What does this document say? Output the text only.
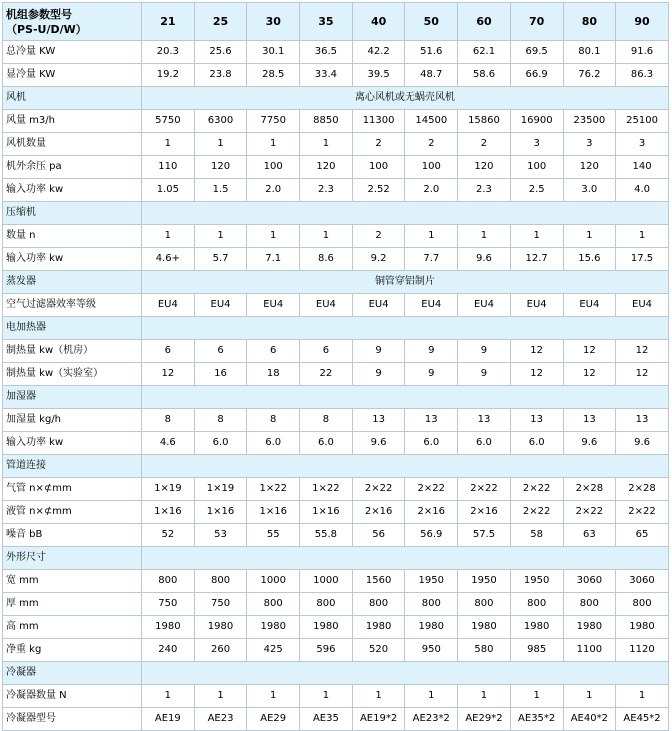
机组参数型号
（PS-U/D/W）	21	25	30	35	40	50	60	70	80	90
总冷量 KW	20.3	25.6	30.1	36.5	42.2	51.6	62.1	69.5	80.1	91.6
显冷量 KW	19.2	23.8	28.5	33.4	39.5	48.7	58.6	66.9	76.2	86.3
风机	离心风机或无蜗壳风机									
风量 m3/h	5750	6300	7750	8850	11300	14500	15860	16900	23500	25100
风机数量	1	1	1	1	2	2	2	3	3	3
机外余压 pa	110	120	100	120	100	100	120	100	120	140
输入功率 kw	1.05	1.5	2.0	2.3	2.52	2.0	2.3	2.5	3.0	4.0
压缩机										
数量 n	1	1	1	1	2	1	1	1	1	1
输入功率 kw	4.6+	5.7	7.1	8.6	9.2	7.7	9.6	12.7	15.6	17.5
蒸发器	铜管穿铝制片									
空气过滤器效率等级	EU4	EU4	EU4	EU4	EU4	EU4	EU4	EU4	EU4	EU4
电加热器										
制热量 kw（机房）	6	6	6	6	9	9	9	12	12	12
制热量 kw（实验室）	12	16	18	22	9	9	9	12	12	12
加湿器										
加湿量 kg/h	8	8	8	8	13	13	13	13	13	13
输入功率 kw	4.6	6.0	6.0	6.0	9.6	6.0	6.0	6.0	9.6	9.6
管道连接										
气管 n×⊄mm	1×19	1×19	1×22	1×22	2×22	2×22	2×22	2×22	2×28	2×28
液管 n×⊄mm	1×16	1×16	1×16	1×16	2×16	2×16	2×16	2×22	2×22	2×22
噪音 bB	52	53	55	55.8	56	56.9	57.5	58	63	65
外形尺寸										
宽 mm	800	800	1000	1000	1560	1950	1950	1950	3060	3060
厚 mm	750	750	800	800	800	800	800	800	800	800
高 mm	1980	1980	1980	1980	1980	1980	1980	1980	1980	1980
净重 kg	240	260	425	596	520	950	580	985	1100	1120
冷凝器										
冷凝器数量 N	1	1	1	1	1	1	1	1	1	1
冷凝器型号	AE19	AE23	AE29	AE35	AE19*2	AE23*2	AE29*2	AE35*2	AE40*2	AE45*2
